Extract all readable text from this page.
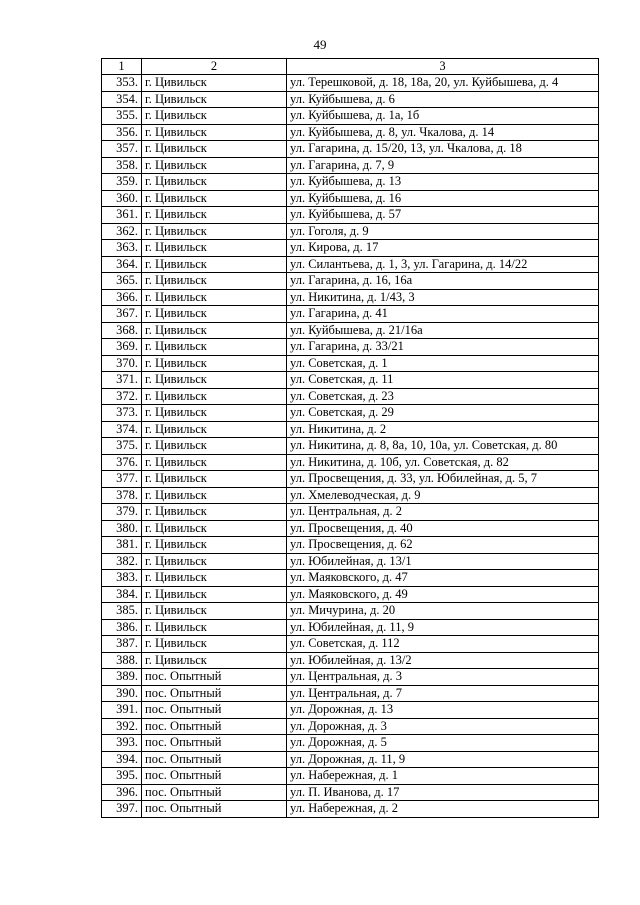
49
1	2	3
353.	г. Цивильск	ул. Терешковой, д. 18, 18а, 20, ул. Куйбышева, д. 4
354.	г. Цивильск	ул. Куйбышева, д. 6
355.	г. Цивильск	ул. Куйбышева, д. 1а, 1б
356.	г. Цивильск	ул. Куйбышева, д. 8, ул. Чкалова, д. 14
357.	г. Цивильск	ул. Гагарина, д. 15/20, 13, ул. Чкалова, д. 18
358.	г. Цивильск	ул. Гагарина, д. 7, 9
359.	г. Цивильск	ул. Куйбышева, д. 13
360.	г. Цивильск	ул. Куйбышева, д. 16
361.	г. Цивильск	ул. Куйбышева, д. 57
362.	г. Цивильск	ул. Гоголя, д. 9
363.	г. Цивильск	ул. Кирова, д. 17
364.	г. Цивильск	ул. Силантьева, д. 1, 3, ул. Гагарина, д. 14/22
365.	г. Цивильск	ул. Гагарина, д. 16, 16а
366.	г. Цивильск	ул. Никитина, д. 1/43, 3
367.	г. Цивильск	ул. Гагарина, д. 41
368.	г. Цивильск	ул. Куйбышева, д. 21/16а
369.	г. Цивильск	ул. Гагарина, д. 33/21
370.	г. Цивильск	ул. Советская, д. 1
371.	г. Цивильск	ул. Советская, д. 11
372.	г. Цивильск	ул. Советская, д. 23
373.	г. Цивильск	ул. Советская, д. 29
374.	г. Цивильск	ул. Никитина, д. 2
375.	г. Цивильск	ул. Никитина, д. 8, 8а, 10, 10а, ул. Советская, д. 80
376.	г. Цивильск	ул. Никитина, д. 10б, ул. Советская, д. 82
377.	г. Цивильск	ул. Просвещения, д. 33, ул. Юбилейная, д. 5, 7
378.	г. Цивильск	ул. Хмелеводческая, д. 9
379.	г. Цивильск	ул. Центральная, д. 2
380.	г. Цивильск	ул. Просвещения, д. 40
381.	г. Цивильск	ул. Просвещения, д. 62
382.	г. Цивильск	ул. Юбилейная, д. 13/1
383.	г. Цивильск	ул. Маяковского, д. 47
384.	г. Цивильск	ул. Маяковского, д. 49
385.	г. Цивильск	ул. Мичурина, д. 20
386.	г. Цивильск	ул. Юбилейная, д. 11, 9
387.	г. Цивильск	ул. Советская, д. 112
388.	г. Цивильск	ул. Юбилейная, д. 13/2
389.	пос. Опытный	ул. Центральная, д. 3
390.	пос. Опытный	ул. Центральная, д. 7
391.	пос. Опытный	ул. Дорожная, д. 13
392.	пос. Опытный	ул. Дорожная, д. 3
393.	пос. Опытный	ул. Дорожная, д. 5
394.	пос. Опытный	ул. Дорожная, д. 11, 9
395.	пос. Опытный	ул. Набережная, д. 1
396.	пос. Опытный	ул. П. Иванова, д. 17
397.	пос. Опытный	ул. Набережная, д. 2
